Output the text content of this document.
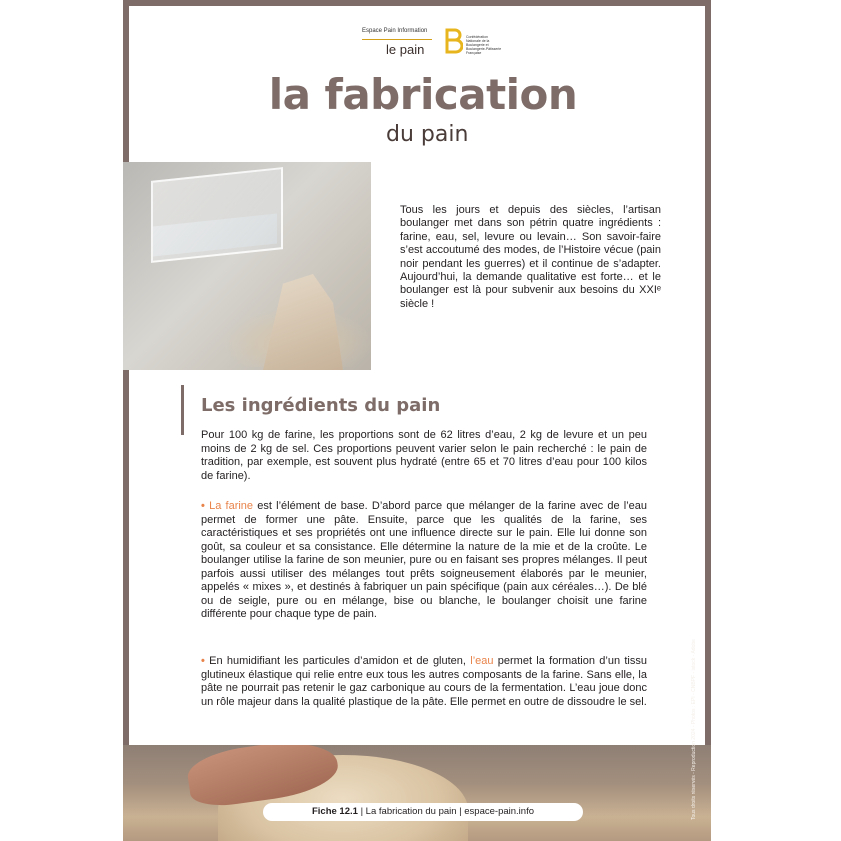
Espace Pain Information
le pain
Confédération Nationale de la Boulangerie et Boulangerie-Pâtisserie Française
la fabrication
du pain

Tous les jours et depuis des siècles, l’artisan boulanger met dans son pétrin quatre ingrédients : farine, eau, sel, levure ou levain… Son savoir-faire s’est accoutumé des modes, de l’Histoire vécue (pain noir pendant les guerres) et il continue de s’adapter. Aujourd’hui, la demande qualitative est forte… et le boulanger est là pour subvenir aux besoins du XXIᵉ siècle !

Les ingrédients du pain

Pour 100 kg de farine, les proportions sont de 62 litres d’eau, 2 kg de levure et un peu moins de 2 kg de sel. Ces proportions peuvent varier selon le pain recherché : le pain de tradition, par exemple, est souvent plus hydraté (entre 65 et 70 litres d’eau pour 100 kilos de farine).

• La farine est l’élément de base. D’abord parce que mélanger de la farine avec de l’eau permet de former une pâte. Ensuite, parce que les qualités de la farine, ses caractéristiques et ses propriétés ont une influence directe sur le pain. Elle lui donne son goût, sa couleur et sa consistance. Elle détermine la nature de la mie et de la croûte. Le boulanger utilise la farine de son meunier, pure ou en faisant ses propres mélanges. Il peut parfois aussi utiliser des mélanges tout prêts soigneusement élaborés par le meunier, appelés « mixes », et destinés à fabriquer un pain spécifique (pain aux céréales…). De blé ou de seigle, pure ou en mélange, bise ou blanche, le boulanger choisit une farine différente pour chaque type de pain.

• En humidifiant les particules d’amidon et de gluten, l’eau permet la formation d’un tissu glutineux élastique qui relie entre eux tous les autres composants de la farine. Sans elle, la pâte ne pourrait pas retenir le gaz carbonique au cours de la fermentation. L’eau joue donc un rôle majeur dans la qualité plastique de la pâte. Elle permet en outre de dissoudre le sel.

Fiche 12.1 | La fabrication du pain | espace-pain.info	Tous droits réservés - Reproduction 2024 - Photos : EPI - CNBPF - istock - Adobe
